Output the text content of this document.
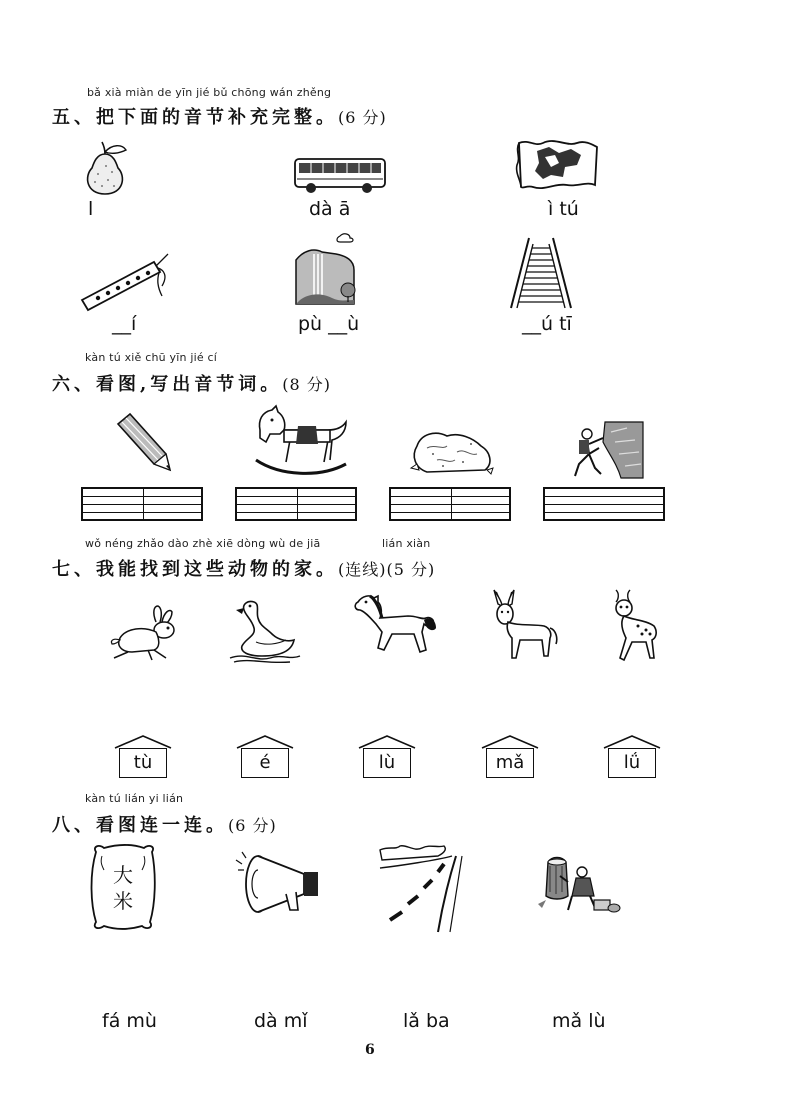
bǎ xià miàn de yīn jié bǔ chōng wán zhěng
五、把下面的音节补充完整。(6 分)
l	dà ā	ì tú
__í	pù __ù	__ú tī
kàn tú xiě chū yīn jié cí
六、看图,写出音节词。(8 分)
wǒ néng zhǎo dào zhè xiē dòng wù de jiā	lián xiàn
七、我能找到这些动物的家。(连线)(5 分)
tù	é	lù	mǎ	lǘ
kàn tú lián yi lián
八、看图连一连。(6 分)
大
米
fá mù	dà mǐ	lǎ ba	mǎ lù
6
